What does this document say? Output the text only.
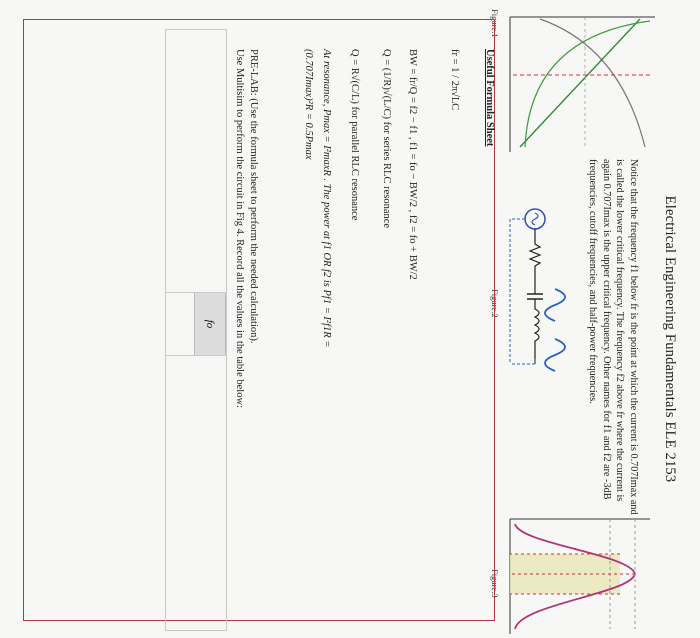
Electrical Engineering Fundamentals ELE 2153
Notice that the frequency f1 below fr is the point at which the current is 0.707Imax and is called the lower critical frequency. The frequency f2 above fr where the current is again 0.707Imax is the upper critical frequency. Other names for f1 and f2 are -3dB frequencies, cutoff frequencies, and half-power frequencies.
Figure.1
Figure.2
Figure.3
Useful Formula Sheet
fr = 1 / 2π√LC
BW = fr/Q = f2 − f1 , f1 = fo − BW/2 , f2 = fo + BW/2
Q = (1/R)√(L/C) for series RLC resonance
Q = R√(C/L) for parallel RLC resonance
At resonance, Pmax = I²maxR . The power at f1 OR f2 is Pf1 = I²f1R =
(0.707Imax)²R = 0.5Pmax
PRE-LAB: (Use the formula sheet to perform the needed calculation).
Use Multisim to perform the circuit in Fig 4. Record all the values in the table below:
fo
